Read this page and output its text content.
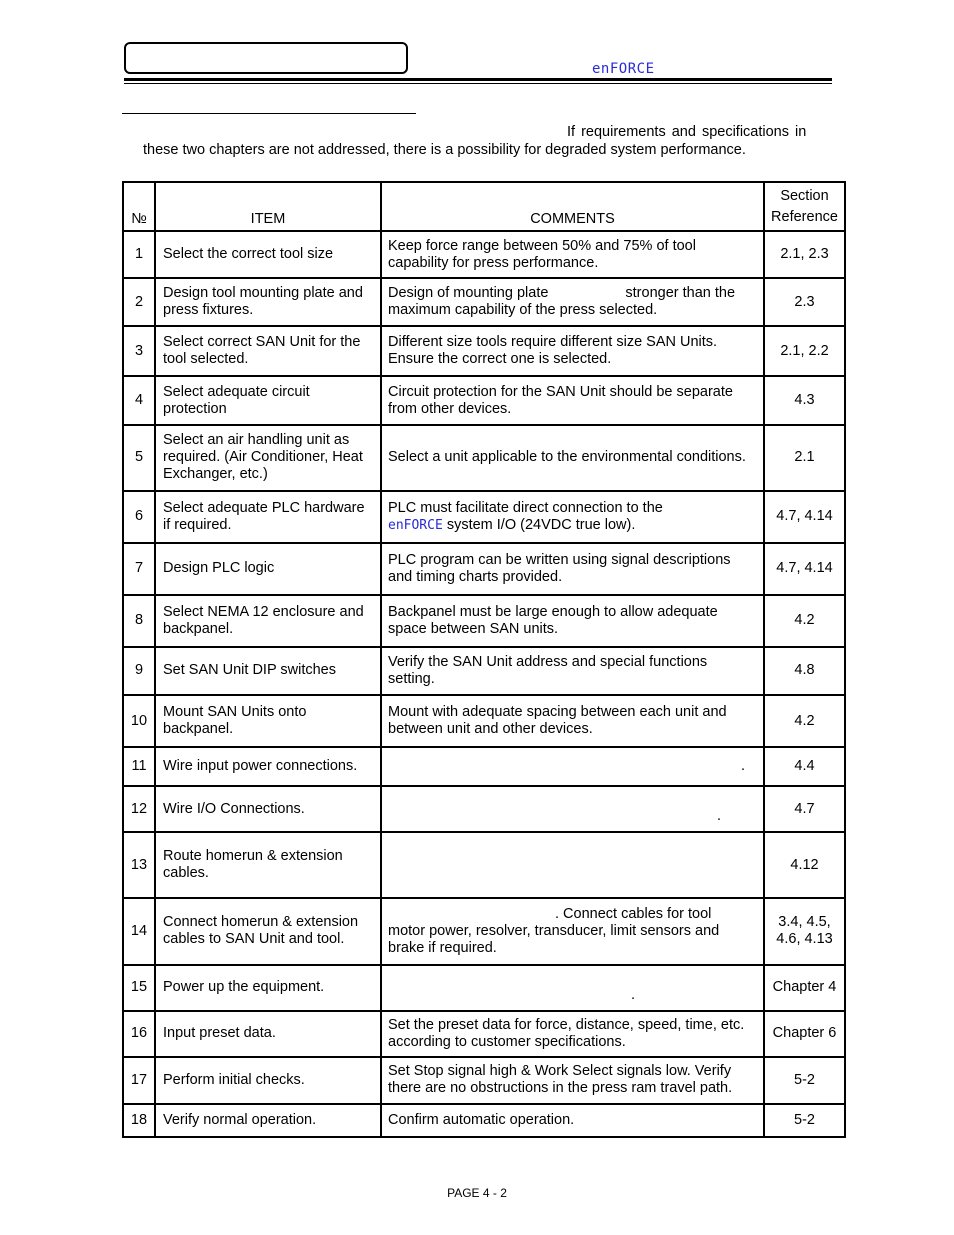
enFORCE
If requirements and specifications in
these two chapters are not addressed, there is a possibility for degraded system performance.
№	ITEM	COMMENTS	Section
Reference
1	Select the correct tool size	Keep force range between 50% and 75% of tool capability for press performance.	2.1, 2.3
2	Design tool mounting plate and press fixtures.	Design of mounting plate stronger than the maximum capability of the press selected.	2.3
3	Select correct SAN Unit for the tool selected.	Different size tools require different size SAN Units. Ensure the correct one is selected.	2.1, 2.2
4	Select adequate circuit protection	Circuit protection for the SAN Unit should be separate from other devices.	4.3
5	Select an air handling unit as required. (Air Conditioner, Heat Exchanger, etc.)	Select a unit applicable to the environmental conditions.	2.1
6	Select adequate PLC hardware if required.	PLC must facilitate direct connection to the
enFORCE system I/O (24VDC true low).	4.7, 4.14
7	Design PLC logic	PLC program can be written using signal descriptions and timing charts provided.	4.7, 4.14
8	Select NEMA 12 enclosure and backpanel.	Backpanel must be large enough to allow adequate space between SAN units.	4.2
9	Set SAN Unit DIP switches	Verify the SAN Unit address and special functions setting.	4.8
10	Mount SAN Units onto backpanel.	Mount with adequate spacing between each unit and between unit and other devices.	4.2
11	Wire input power connections.	.	4.4
12	Wire I/O Connections.	.	4.7
13	Route homerun & extension cables.		4.12
14	Connect homerun & extension cables to SAN Unit and tool.	. Connect cables for tool
motor power, resolver, transducer, limit sensors and brake if required.	3.4, 4.5,
4.6, 4.13
15	Power up the equipment.	.	Chapter 4
16	Input preset data.	Set the preset data for force, distance, speed, time, etc. according to customer specifications.	Chapter 6
17	Perform initial checks.	Set Stop signal high & Work Select signals low. Verify there are no obstructions in the press ram travel path.	5-2
18	Verify normal operation.	Confirm automatic operation.	5-2
PAGE 4 - 2
